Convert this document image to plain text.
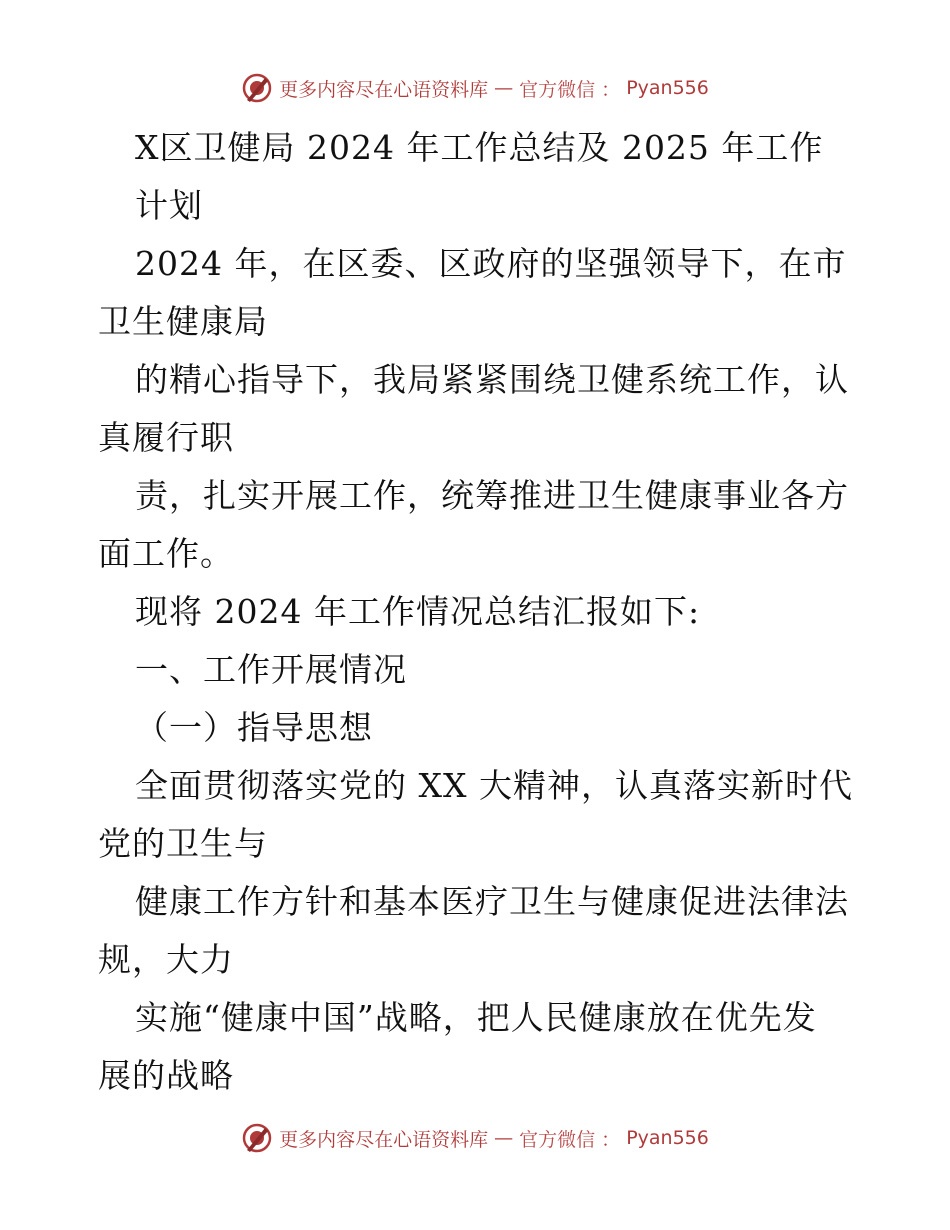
更多内容尽在心语资料库 — 官方微信 ： Pyan556
X区卫健局 2024 年工作总结及 2025 年工作
计划
2024 年，在区委、区政府的坚强领导下，在市
卫生健康局
的精心指导下，我局紧紧围绕卫健系统工作，认
真履行职
责，扎实开展工作，统筹推进卫生健康事业各方
面工作。
现将 2024 年工作情况总结汇报如下:
一、工作开展情况
（一）指导思想
全面贯彻落实党的 XX 大精神，认真落实新时代
党的卫生与
健康工作方针和基本医疗卫生与健康促进法律法
规，大力
实施“健康中国”战略，把人民健康放在优先发
展的战略
更多内容尽在心语资料库 — 官方微信 ： Pyan556
